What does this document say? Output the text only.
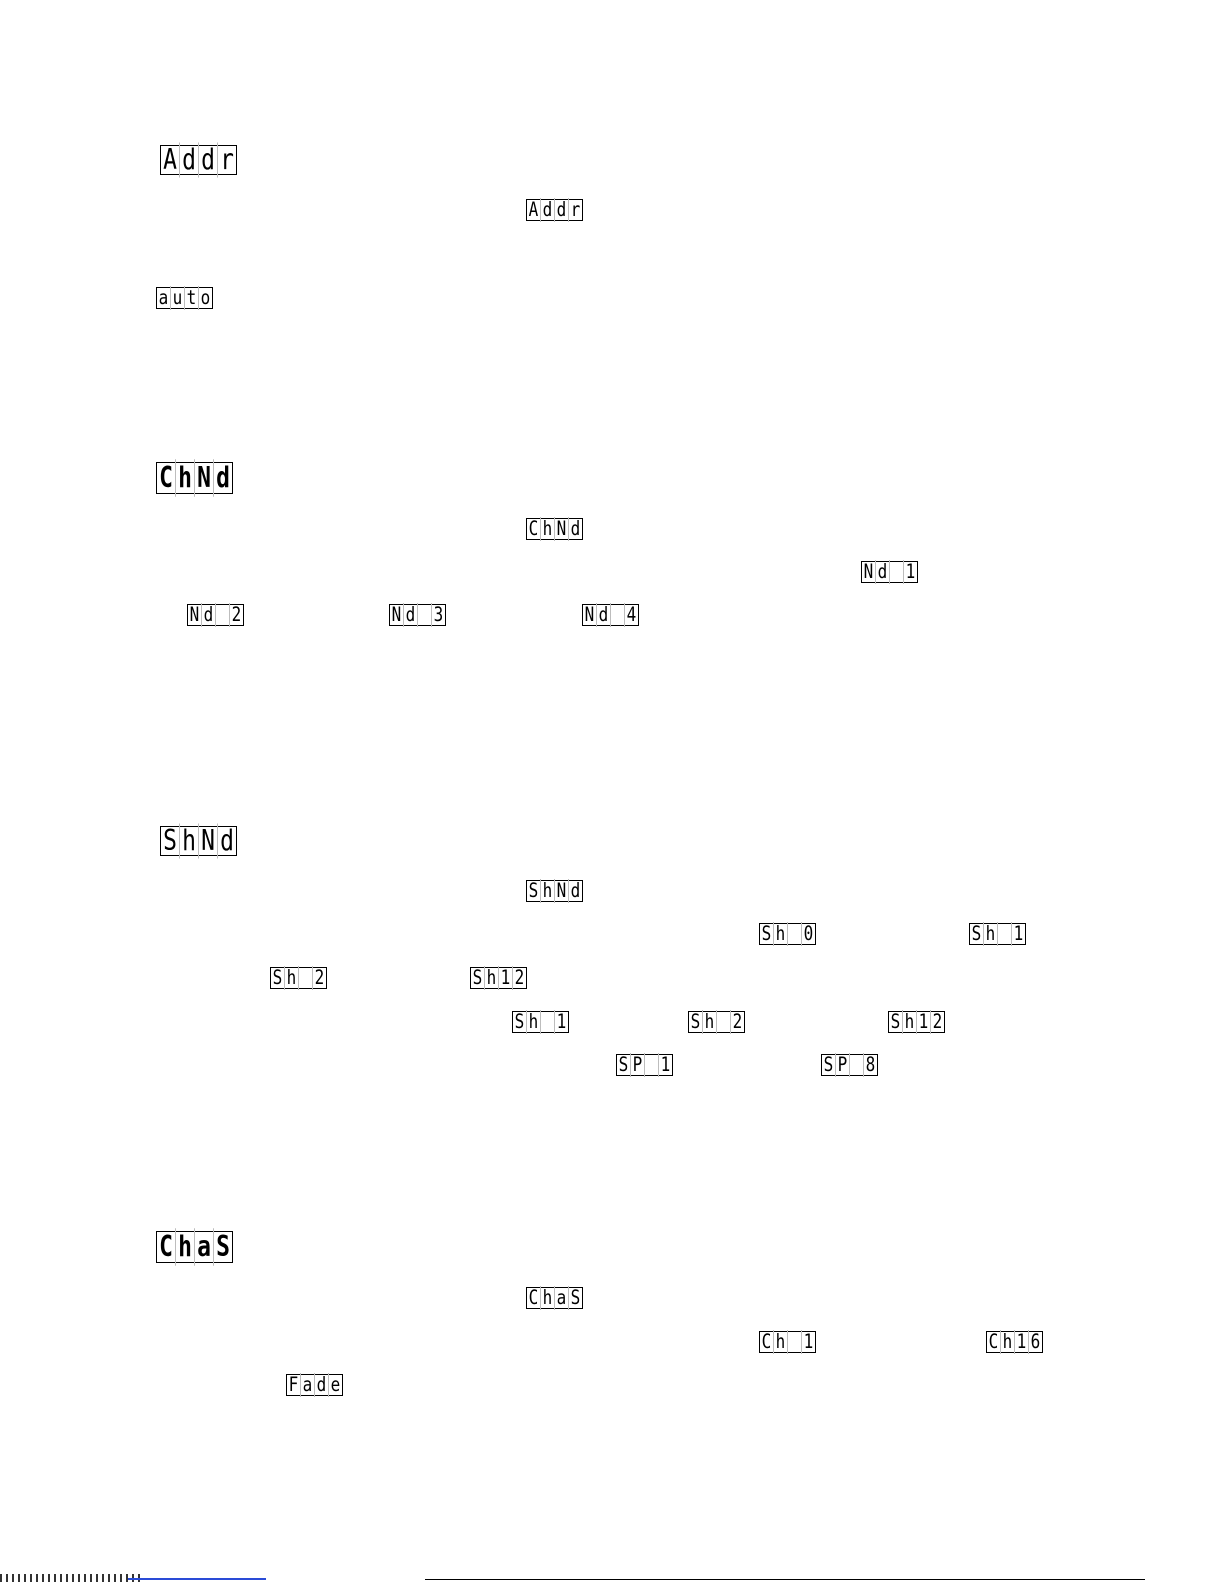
A d d r
A d d r
a u t o
C h N d
C h N d
N d 1
N d 2	N d 3	N d 4
S h N d
S h N d
S h 0	S h 1
S h 2	S h 1 2
S h 1	S h 2	S h 1 2
S P 1	S P 8
C h a S
C h a S
C h 1	C h 1 6
F a d e
